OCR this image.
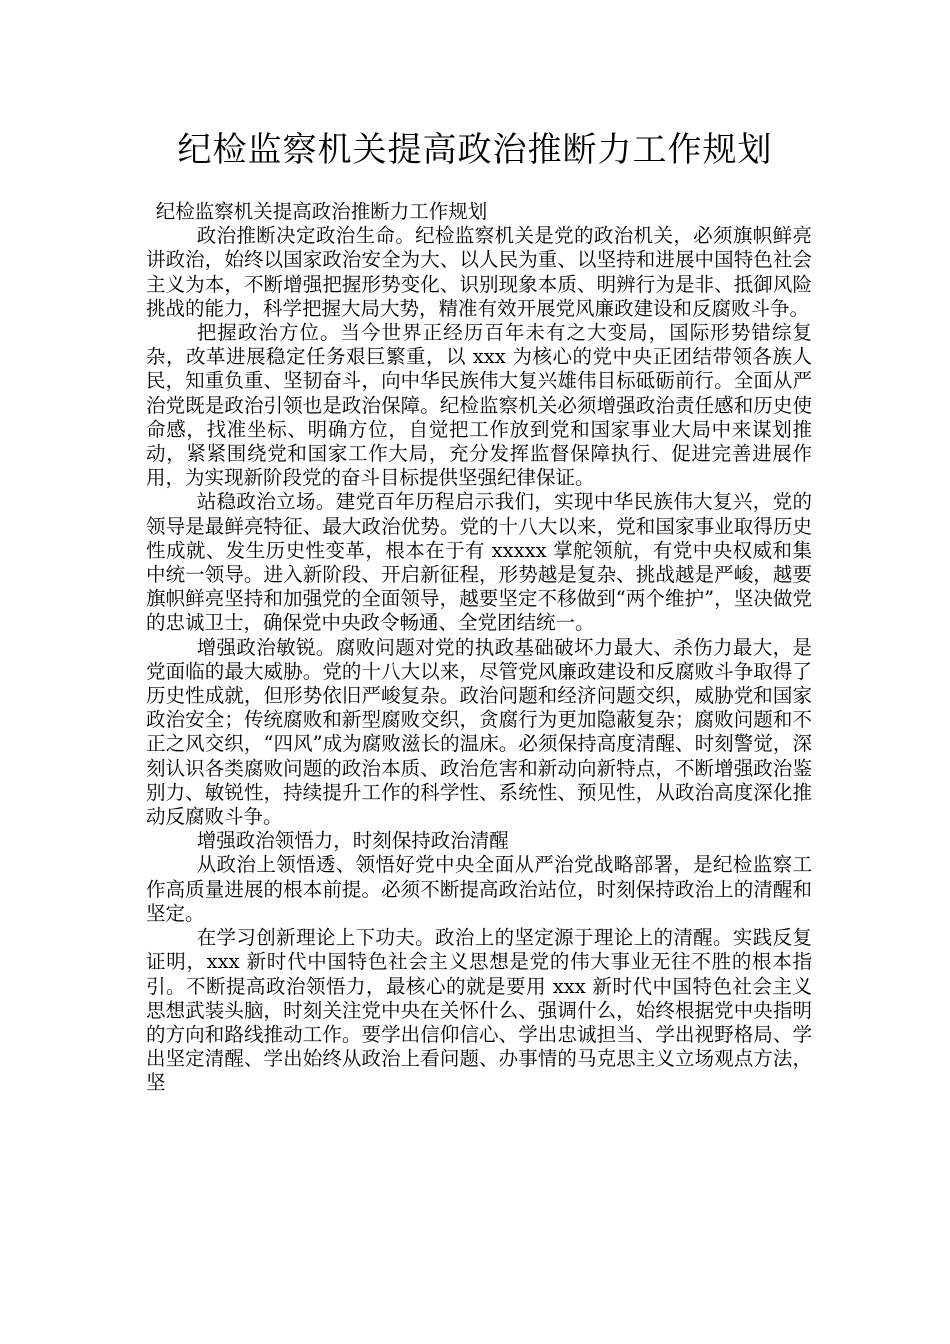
纪检监察机关提高政治推断力工作规划

纪检监察机关提高政治推断力工作规划

政治推断决定政治生命。纪检监察机关是党的政治机关，必须旗帜鲜亮讲政治，始终以国家政治安全为大、以人民为重、以坚持和进展中国特色社会主义为本，不断增强把握形势变化、识别现象本质、明辨行为是非、抵御风险挑战的能力，科学把握大局大势，精准有效开展党风廉政建设和反腐败斗争。

把握政治方位。当今世界正经历百年未有之大变局，国际形势错综复杂，改革进展稳定任务艰巨繁重，以 xxx 为核心的党中央正团结带领各族人民，知重负重、坚韧奋斗，向中华民族伟大复兴雄伟目标砥砺前行。全面从严治党既是政治引领也是政治保障。纪检监察机关必须增强政治责任感和历史使命感，找准坐标、明确方位，自觉把工作放到党和国家事业大局中来谋划推动，紧紧围绕党和国家工作大局，充分发挥监督保障执行、促进完善进展作用，为实现新阶段党的奋斗目标提供坚强纪律保证。

站稳政治立场。建党百年历程启示我们，实现中华民族伟大复兴，党的领导是最鲜亮特征、最大政治优势。党的十八大以来，党和国家事业取得历史性成就、发生历史性变革，根本在于有 xxxxx 掌舵领航，有党中央权威和集中统一领导。进入新阶段、开启新征程，形势越是复杂、挑战越是严峻，越要旗帜鲜亮坚持和加强党的全面领导，越要坚定不移做到“两个维护”，坚决做党的忠诚卫士，确保党中央政令畅通、全党团结统一。

增强政治敏锐。腐败问题对党的执政基础破坏力最大、杀伤力最大，是党面临的最大威胁。党的十八大以来，尽管党风廉政建设和反腐败斗争取得了历史性成就，但形势依旧严峻复杂。政治问题和经济问题交织，威胁党和国家政治安全；传统腐败和新型腐败交织，贪腐行为更加隐蔽复杂；腐败问题和不正之风交织，“四风”成为腐败滋长的温床。必须保持高度清醒、时刻警觉，深刻认识各类腐败问题的政治本质、政治危害和新动向新特点，不断增强政治鉴别力、敏锐性，持续提升工作的科学性、系统性、预见性，从政治高度深化推动反腐败斗争。

增强政治领悟力，时刻保持政治清醒

从政治上领悟透、领悟好党中央全面从严治党战略部署，是纪检监察工作高质量进展的根本前提。必须不断提高政治站位，时刻保持政治上的清醒和坚定。

在学习创新理论上下功夫。政治上的坚定源于理论上的清醒。实践反复证明，xxx 新时代中国特色社会主义思想是党的伟大事业无往不胜的根本指引。不断提高政治领悟力，最核心的就是要用 xxx 新时代中国特色社会主义思想武装头脑，时刻关注党中央在关怀什么、强调什么，始终根据党中央指明的方向和路线推动工作。要学出信仰信心、学出忠诚担当、学出视野格局、学出坚定清醒、学出始终从政治上看问题、办事情的马克思主义立场观点方法，坚
